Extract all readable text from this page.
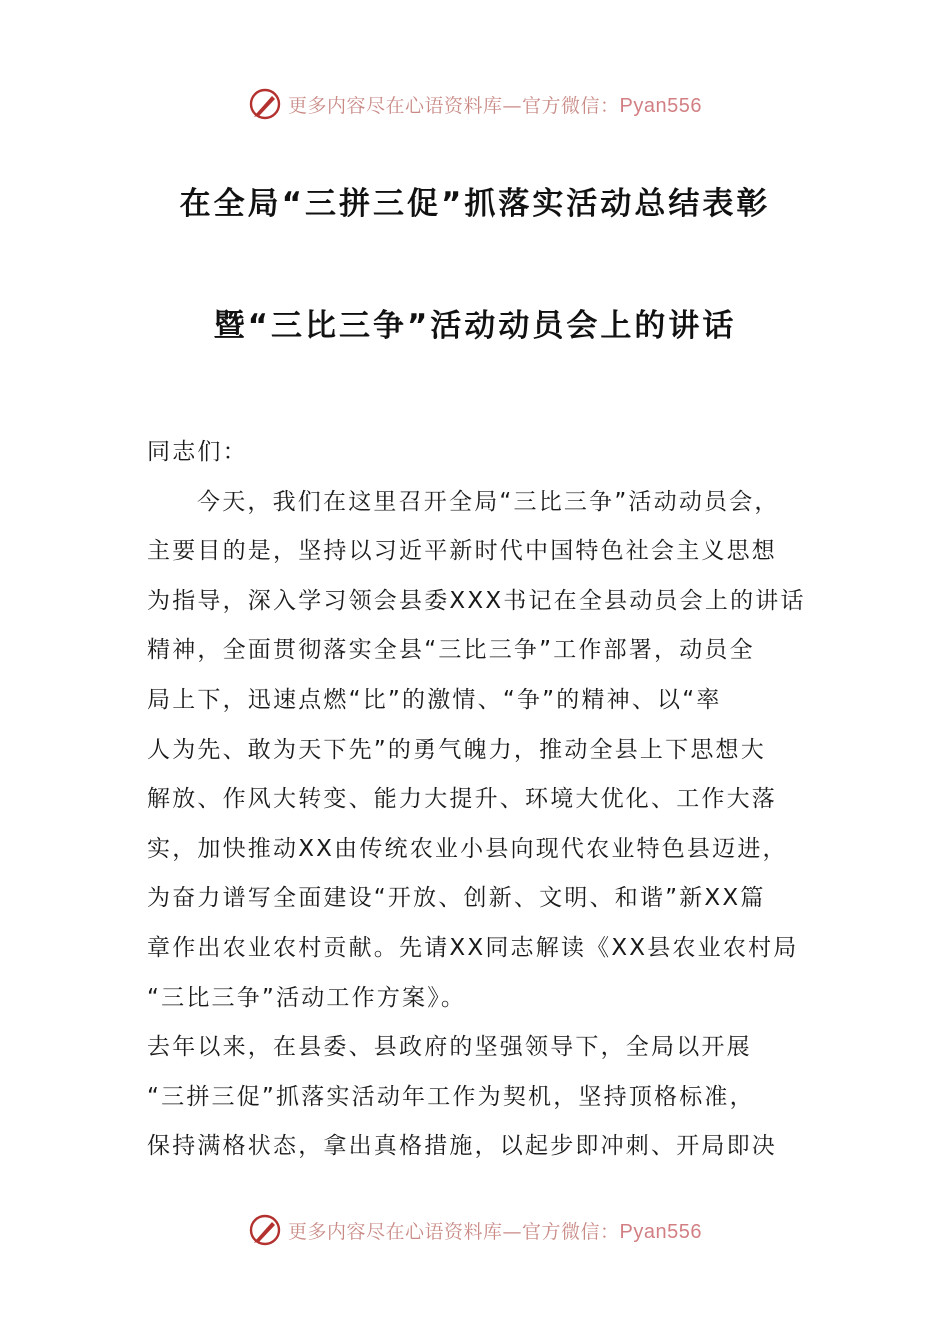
更多内容尽在心语资料库—官方微信：Pyan556
在全局“三拼三促”抓落实活动总结表彰
暨“三比三争”活动动员会上的讲话
同志们：
今天，我们在这里召开全局“三比三争”活动动员会，
主要目的是，坚持以习近平新时代中国特色社会主义思想
为指导，深入学习领会县委XXX书记在全县动员会上的讲话
精神，全面贯彻落实全县“三比三争”工作部署，动员全
局上下，迅速点燃“比”的激情、“争”的精神、以“率
人为先、敢为天下先”的勇气魄力，推动全县上下思想大
解放、作风大转变、能力大提升、环境大优化、工作大落
实，加快推动XX由传统农业小县向现代农业特色县迈进，
为奋力谱写全面建设“开放、创新、文明、和谐”新XX篇
章作出农业农村贡献。先请XX同志解读《XX县农业农村局
“三比三争”活动工作方案》。
去年以来，在县委、县政府的坚强领导下，全局以开展
“三拼三促”抓落实活动年工作为契机，坚持顶格标准，
保持满格状态，拿出真格措施，以起步即冲刺、开局即决
更多内容尽在心语资料库—官方微信：Pyan556
